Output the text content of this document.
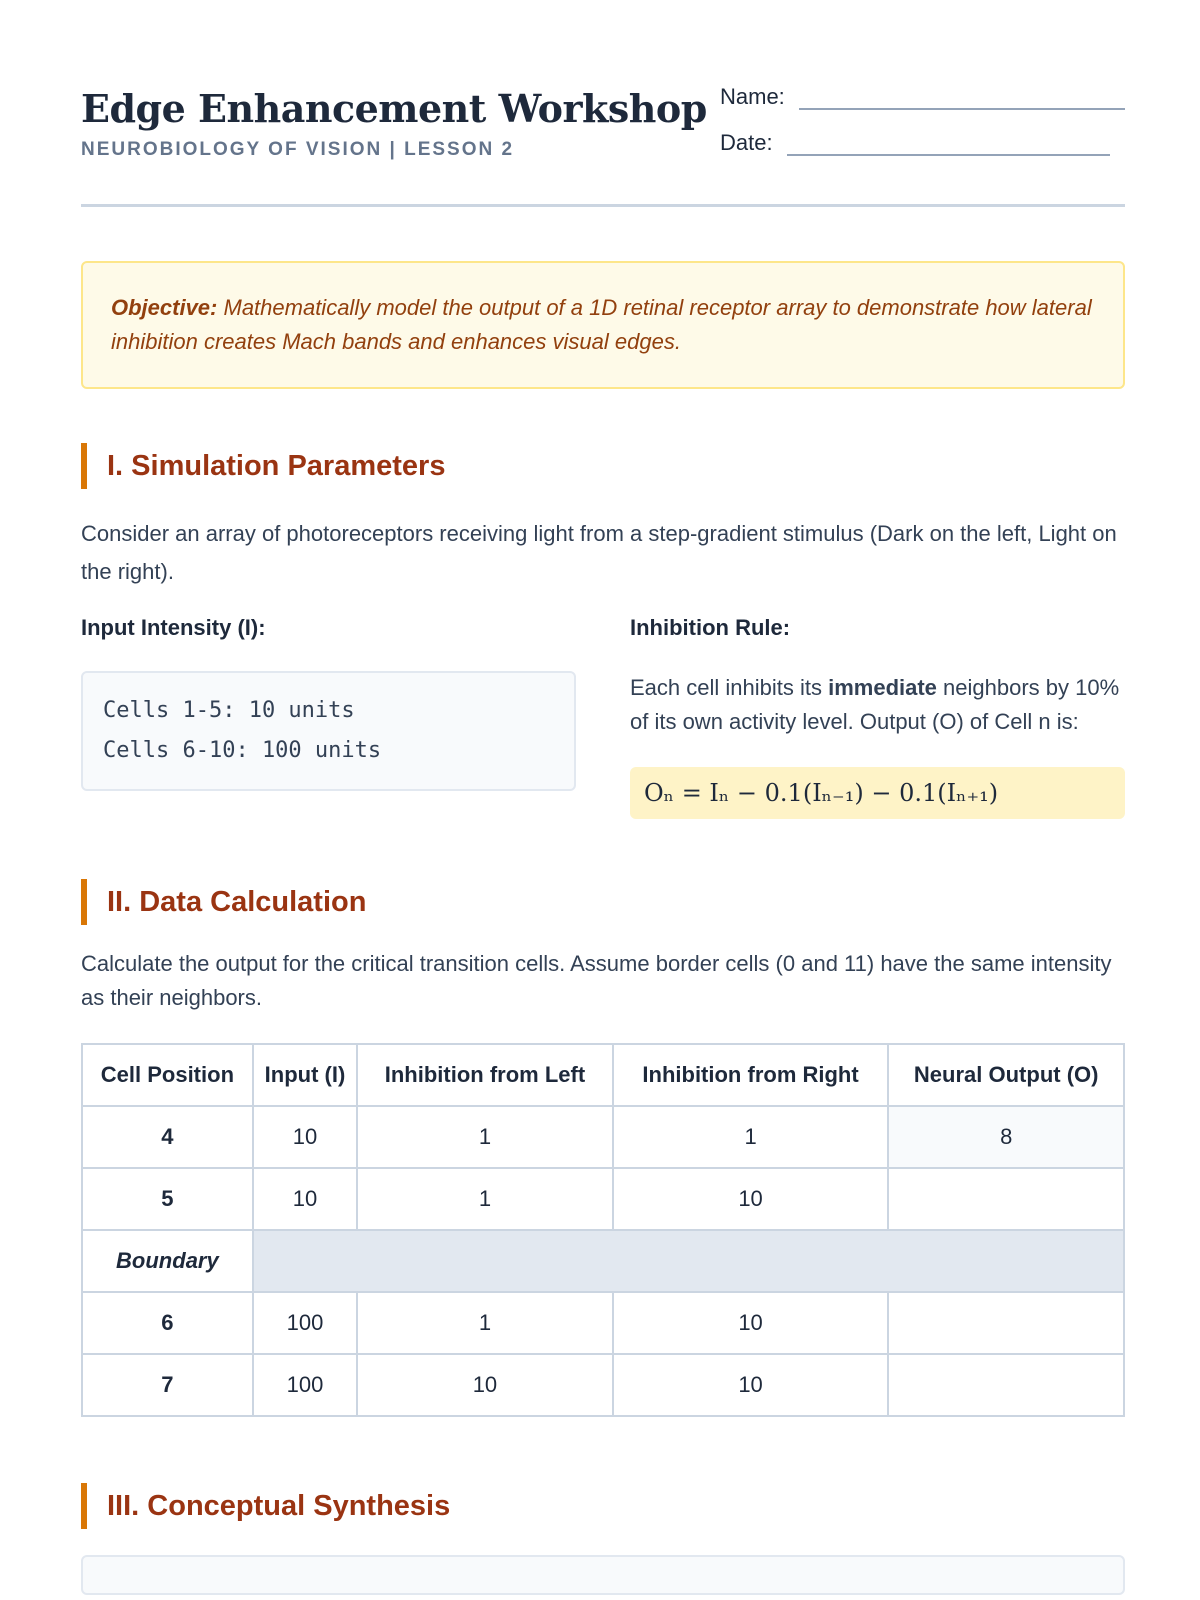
Edge Enhancement Workshop
NEUROBIOLOGY OF VISION | LESSON 2
Name:
Date:
Objective: Mathematically model the output of a 1D retinal receptor array to demonstrate how lateral inhibition creates Mach bands and enhances visual edges.
I. Simulation Parameters

Consider an array of photoreceptors receiving light from a step-gradient stimulus (Dark on the left, Light on the right).

Input Intensity (I):
Cells 1-5: 10 units
Cells 6-10: 100 units
Inhibition Rule:
Each cell inhibits its immediate neighbors by 10% of its own activity level. Output (O) of Cell n is:
Oₙ = Iₙ − 0.1(Iₙ₋₁) − 0.1(Iₙ₊₁)
II. Data Calculation

Calculate the output for the critical transition cells. Assume border cells (0 and 11) have the same intensity as their neighbors.

Cell Position	Input (I)	Inhibition from Left	Inhibition from Right	Neural Output (O)
4	10	1	1	8
5	10	1	10	
Boundary				
6	100	1	10	
7	100	10	10	
III. Conceptual Synthesis
